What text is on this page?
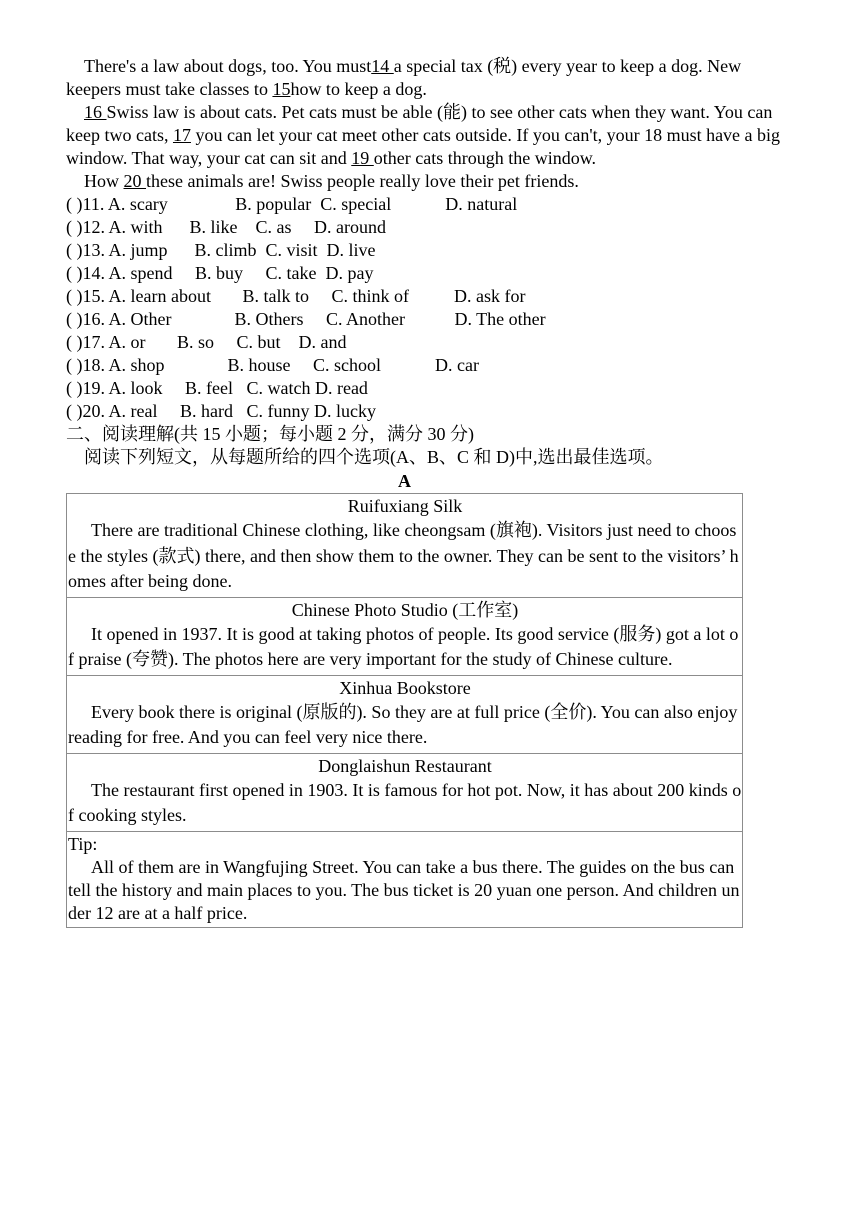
There's a law about dogs, too. You must14 a special tax (税) every year to keep a dog. New keepers must take classes to 15how to keep a dog.

16 Swiss law is about cats. Pet cats must be able (能) to see other cats when they want. You can keep two cats, 17 you can let your cat meet other cats outside. If you can't, your 18 must have a big window. That way, your cat can sit and 19 other cats through the window.

How 20 these animals are! Swiss people really love their pet friends.

( )11. A. scary               B. popular  C. special            D. natural

( )12. A. with      B. like    C. as     D. around

( )13. A. jump      B. climb  C. visit  D. live

( )14. A. spend     B. buy     C. take  D. pay

( )15. A. learn about       B. talk to     C. think of          D. ask for

( )16. A. Other              B. Others     C. Another           D. The other

( )17. A. or       B. so     C. but    D. and

( )18. A. shop              B. house     C. school            D. car

( )19. A. look     B. feel   C. watch D. read

( )20. A. real     B. hard   C. funny D. lucky

二、阅读理解(共 15 小题；每小题 2 分，满分 30 分)

阅读下列短文，从每题所给的四个选项(A、B、C 和 D)中,选出最佳选项。

A

Ruifuxiang Silk
There are traditional Chinese clothing, like cheongsam (旗袍). Visitors just need to choose the styles (款式) there, and then show them to the owner. They can be sent to the visitors’ homes after being done.

Chinese Photo Studio (工作室)
It opened in 1937. It is good at taking photos of people. Its good service (服务) got a lot of praise (夸赞). The photos here are very important for the study of Chinese culture.

Xinhua Bookstore
Every book there is original (原版的). So they are at full price (全价). You can also enjoy reading for free. And you can feel very nice there.

Donglaishun Restaurant
The restaurant first opened in 1903. It is famous for hot pot. Now, it has about 200 kinds of cooking styles.

Tip:
All of them are in Wangfujing Street. You can take a bus there. The guides on the bus can tell the history and main places to you. The bus ticket is 20 yuan one person. And children under 12 are at a half price.
